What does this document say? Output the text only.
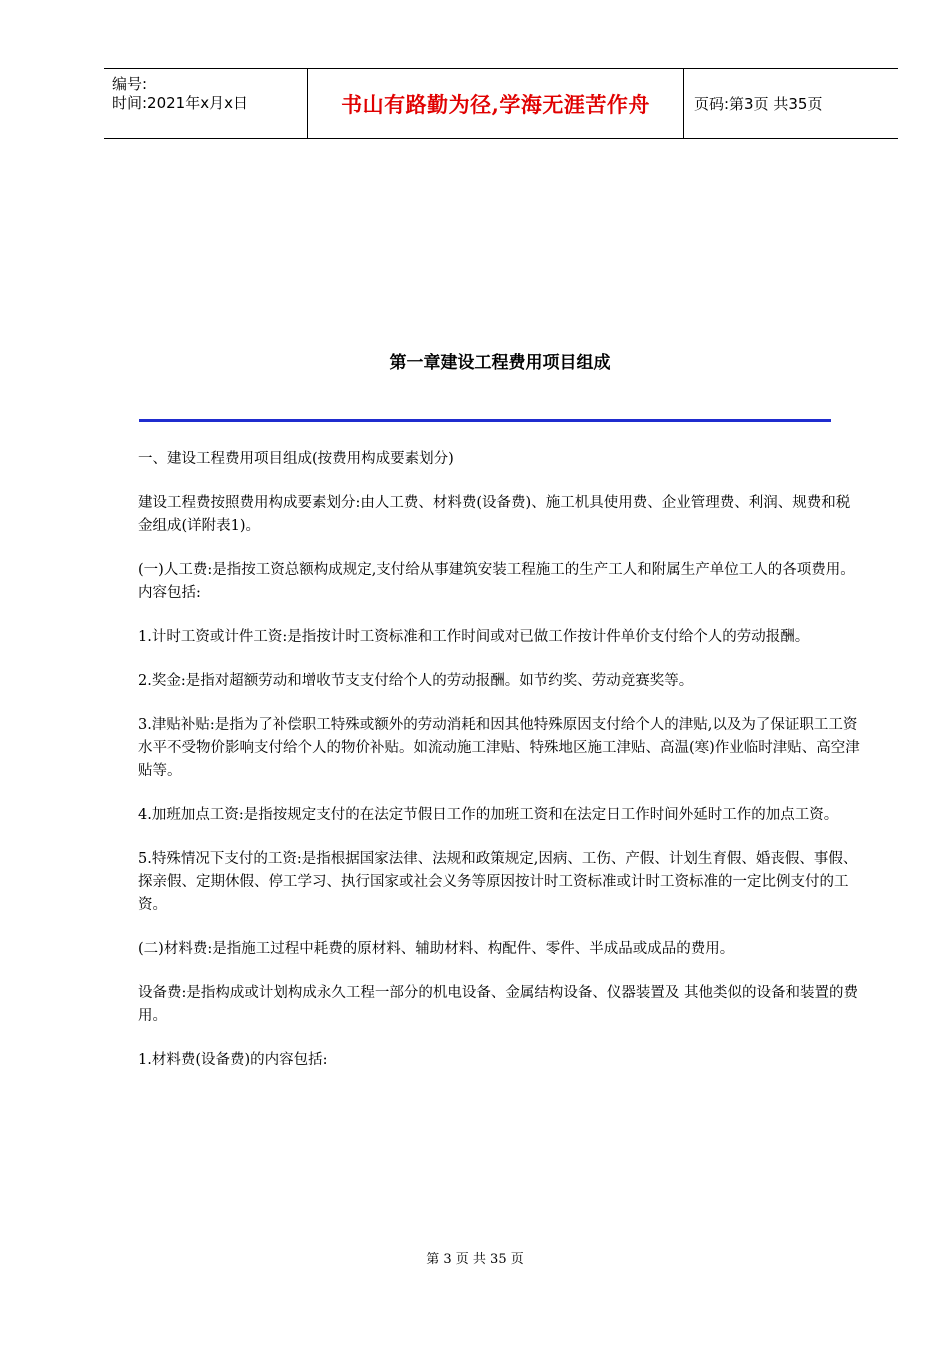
编号:
时间:2021年x月x日	书山有路勤为径,学海无涯苦作舟	页码:第3页 共35页
第一章建设工程费用项目组成

一、建设工程费用项目组成(按费用构成要素划分)

建设工程费按照费用构成要素划分:由人工费、材料费(设备费)、施工机具使用费、企业管理费、利润、规费和税金组成(详附表1)。

(一)人工费:是指按工资总额构成规定,支付给从事建筑安装工程施工的生产工人和附属生产单位工人的各项费用。内容包括:

1.计时工资或计件工资:是指按计时工资标准和工作时间或对已做工作按计件单价支付给个人的劳动报酬。

2.奖金:是指对超额劳动和增收节支支付给个人的劳动报酬。如节约奖、劳动竞赛奖等。

3.津贴补贴:是指为了补偿职工特殊或额外的劳动消耗和因其他特殊原因支付给个人的津贴,以及为了保证职工工资水平不受物价影响支付给个人的物价补贴。如流动施工津贴、特殊地区施工津贴、高温(寒)作业临时津贴、高空津贴等。

4.加班加点工资:是指按规定支付的在法定节假日工作的加班工资和在法定日工作时间外延时工作的加点工资。

5.特殊情况下支付的工资:是指根据国家法律、法规和政策规定,因病、工伤、产假、计划生育假、婚丧假、事假、探亲假、定期休假、停工学习、执行国家或社会义务等原因按计时工资标准或计时工资标准的一定比例支付的工资。

(二)材料费:是指施工过程中耗费的原材料、辅助材料、构配件、零件、半成品或成品的费用。

设备费:是指构成或计划构成永久工程一部分的机电设备、金属结构设备、仪器装置及 其他类似的设备和装置的费用。

1.材料费(设备费)的内容包括:

第 3 页 共 35 页
